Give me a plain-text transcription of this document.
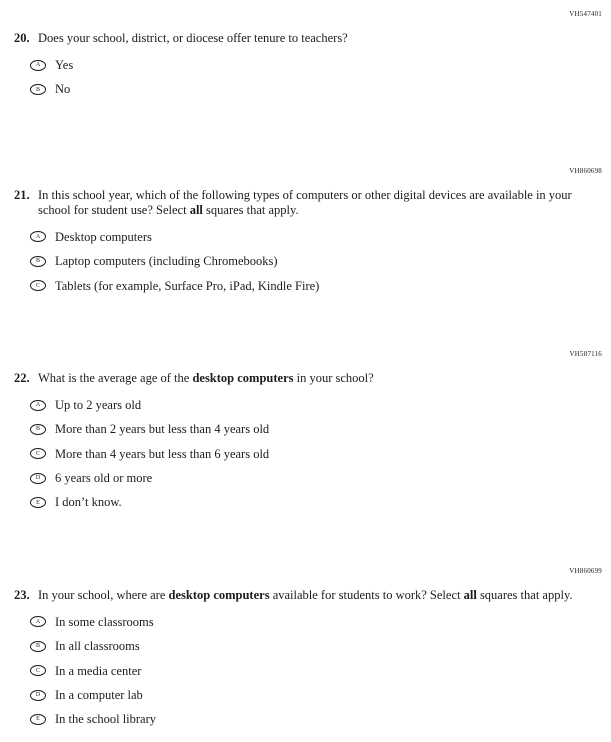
VH547401
20. Does your school, district, or diocese offer tenure to teachers?
A Yes
B No
VH860698
21. In this school year, which of the following types of computers or other digital devices are available in your school for student use? Select all squares that apply.
A Desktop computers
B Laptop computers (including Chromebooks)
C Tablets (for example, Surface Pro, iPad, Kindle Fire)
VH587116
22. What is the average age of the desktop computers in your school?
A Up to 2 years old
B More than 2 years but less than 4 years old
C More than 4 years but less than 6 years old
D 6 years old or more
E I don’t know.
VH860699
23. In your school, where are desktop computers available for students to work? Select all squares that apply.
A In some classrooms
B In all classrooms
C In a media center
D In a computer lab
E In the school library
